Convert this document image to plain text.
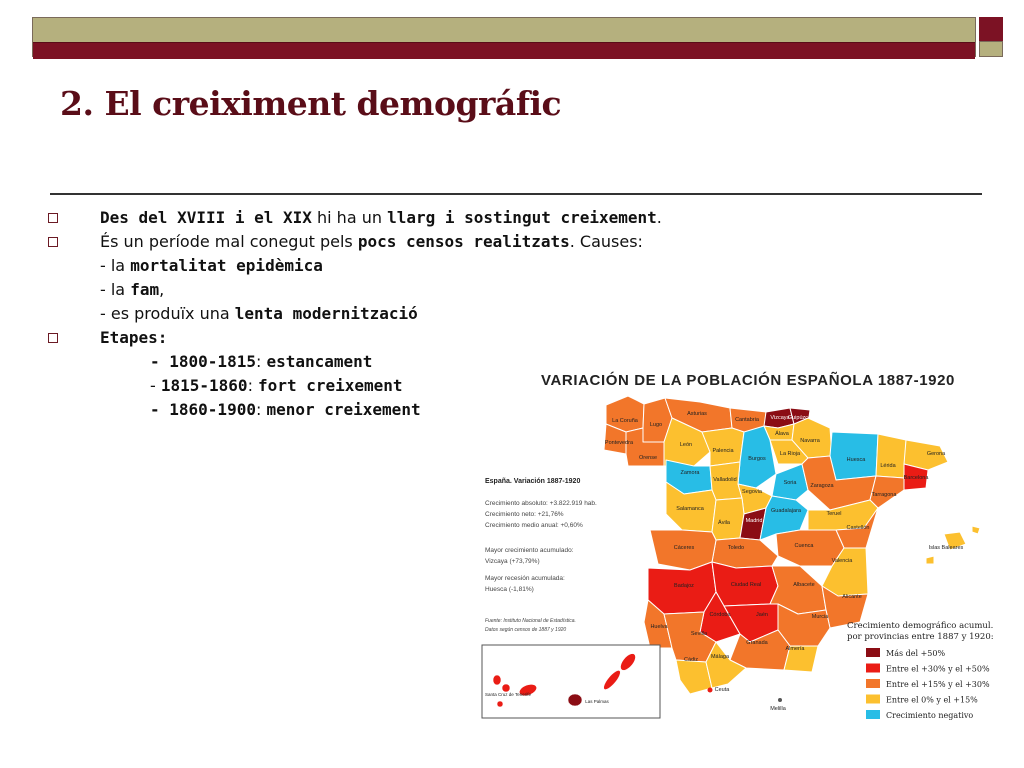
2. El creiximent demográfic
Des del XVIII i el XIX hi ha un llarg i sostingut creixement.
És un període mal conegut pels pocs censos realitzats. Causes:
- la mortalitat epidèmica
- la fam,
- es produïx una lenta modernització
Etapes:
- 1800-1815: estancament
- 1815-1860: fort creixement
- 1860-1900: menor creixement
VARIACIÓN DE LA POBLACIÓN ESPAÑOLA 1887-1920
La Coruña
Lugo
Asturias
Cantabria Vizcaya
Guipúzcoa
Álava
Navarra
Pontevedra
Orense
León
Palencia
Burgos
La Rioja
Huesca
Lérida
Gerona
Barcelona
Zamora
Valladolid	Soria	Zaragoza
Tarragona
Segovia
Salamanca
Ávila
Guadalajara
Madrid
Teruel
Castellón
Cuenca
Toledo
Cáceres
Valencia
Islas Baleares
Badajoz	Ciudad Real	Albacete
Alicante
Córdoba	Jaén	Murcia
Huelva
Sevilla
Granada
Almería
Cádiz Málaga
Ceuta
Melilla
Santa Cruz de Tenerife
Las Palmas
España. Variación 1887-1920
Crecimiento absoluto: +3.822.919 hab.
Crecimiento neto: +21,76%
Crecimiento medio anual: +0,60%
Mayor crecimiento acumulado:
Vizcaya (+73,79%)
Mayor recesión acumulada:
Huesca (-1,81%)
Fuente: Instituto Nacional de Estadística.
Datos según censos de 1887 y 1920	Crecimiento demográfico acumul.
por provincias entre 1887 y 1920:
Más del +50%
Entre el +30% y el +50%
Entre el +15% y el +30%
Entre el 0% y el +15%
Crecimiento negativo
